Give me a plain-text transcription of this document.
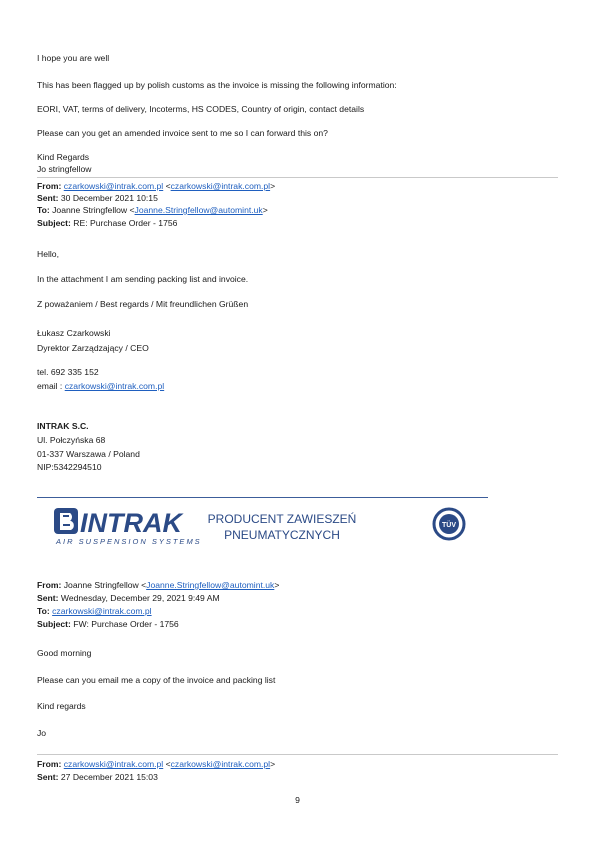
I hope you are well
This has been flagged up by polish customs as the invoice is missing the following information:
EORI, VAT, terms of delivery, Incoterms, HS CODES, Country of origin, contact details
Please can you get an amended invoice sent to me so I can forward this on?
Kind Regards
Jo stringfellow
From: czarkowski@intrak.com.pl <czarkowski@intrak.com.pl>
Sent: 30 December 2021 10:15
To: Joanne Stringfellow <Joanne.Stringfellow@automint.uk>
Subject: RE: Purchase Order - 1756
Hello,
In the attachment I am sending packing list and invoice.
Z poważaniem / Best regards / Mit freundlichen Grüßen
Łukasz Czarkowski
Dyrektor Zarządzający / CEO
tel. 692 335 152
email : czarkowski@intrak.com.pl
INTRAK S.C.
Ul. Połczyńska 68
01-337 Warszawa / Poland
NIP:5342294510
INTRAK
AIR SUSPENSION SYSTEMS
PRODUCENT ZAWIESZEŃ
PNEUMATYCZNYCH
TÜV
From: Joanne Stringfellow <Joanne.Stringfellow@automint.uk>
Sent: Wednesday, December 29, 2021 9:49 AM
To: czarkowski@intrak.com.pl
Subject: FW: Purchase Order - 1756
Good morning
Please can you email me a copy of the invoice and packing list
Kind regards
Jo
From: czarkowski@intrak.com.pl <czarkowski@intrak.com.pl>
Sent: 27 December 2021 15:03
9
